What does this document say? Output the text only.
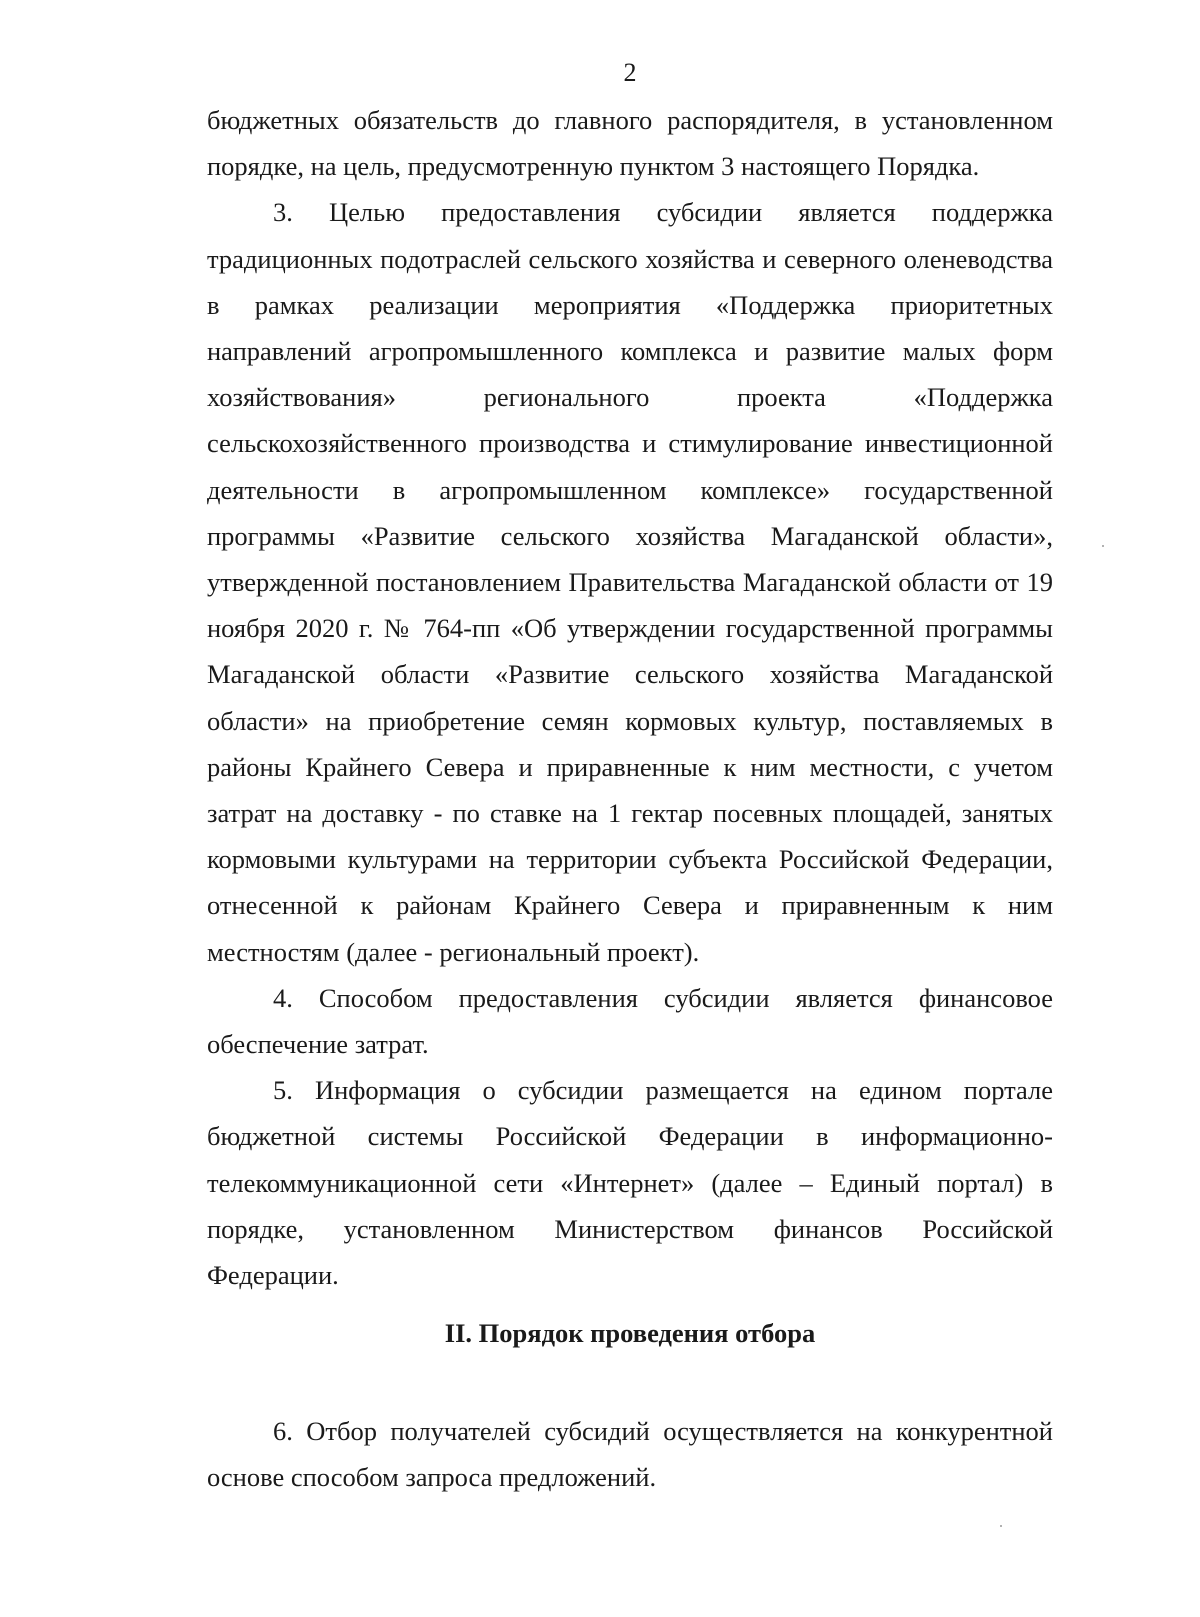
2

бюджетных обязательств до главного распорядителя, в установленном порядке, на цель, предусмотренную пунктом 3 настоящего Порядка.

3. Целью предоставления субсидии является поддержка традиционных подотраслей сельского хозяйства и северного оленеводства в рамках реализации мероприятия «Поддержка приоритетных направлений агропромышленного комплекса и развитие малых форм хозяйствования» регионального проекта «Поддержка сельскохозяйственного производства и стимулирование инвестиционной деятельности в агропромышленном комплексе» государственной программы «Развитие сельского хозяйства Магаданской области», утвержденной постановлением Правительства Магаданской области от 19 ноября 2020 г. № 764-пп «Об утверждении государственной программы Магаданской области «Развитие сельского хозяйства Магаданской области» на приобретение семян кормовых культур, поставляемых в районы Крайнего Севера и приравненные к ним местности, с учетом затрат на доставку - по ставке на 1 гектар посевных площадей, занятых кормовыми культурами на территории субъекта Российской Федерации, отнесенной к районам Крайнего Севера и приравненным к ним местностям (далее - региональный проект).

4. Способом предоставления субсидии является финансовое обеспечение затрат.

5. Информация о субсидии размещается на едином портале бюджетной системы Российской Федерации в информационно-телекоммуникационной сети «Интернет» (далее – Единый портал) в порядке, установленном Министерством финансов Российской Федерации.

II. Порядок проведения отбора

6. Отбор получателей субсидий осуществляется на конкурентной основе способом запроса предложений.
